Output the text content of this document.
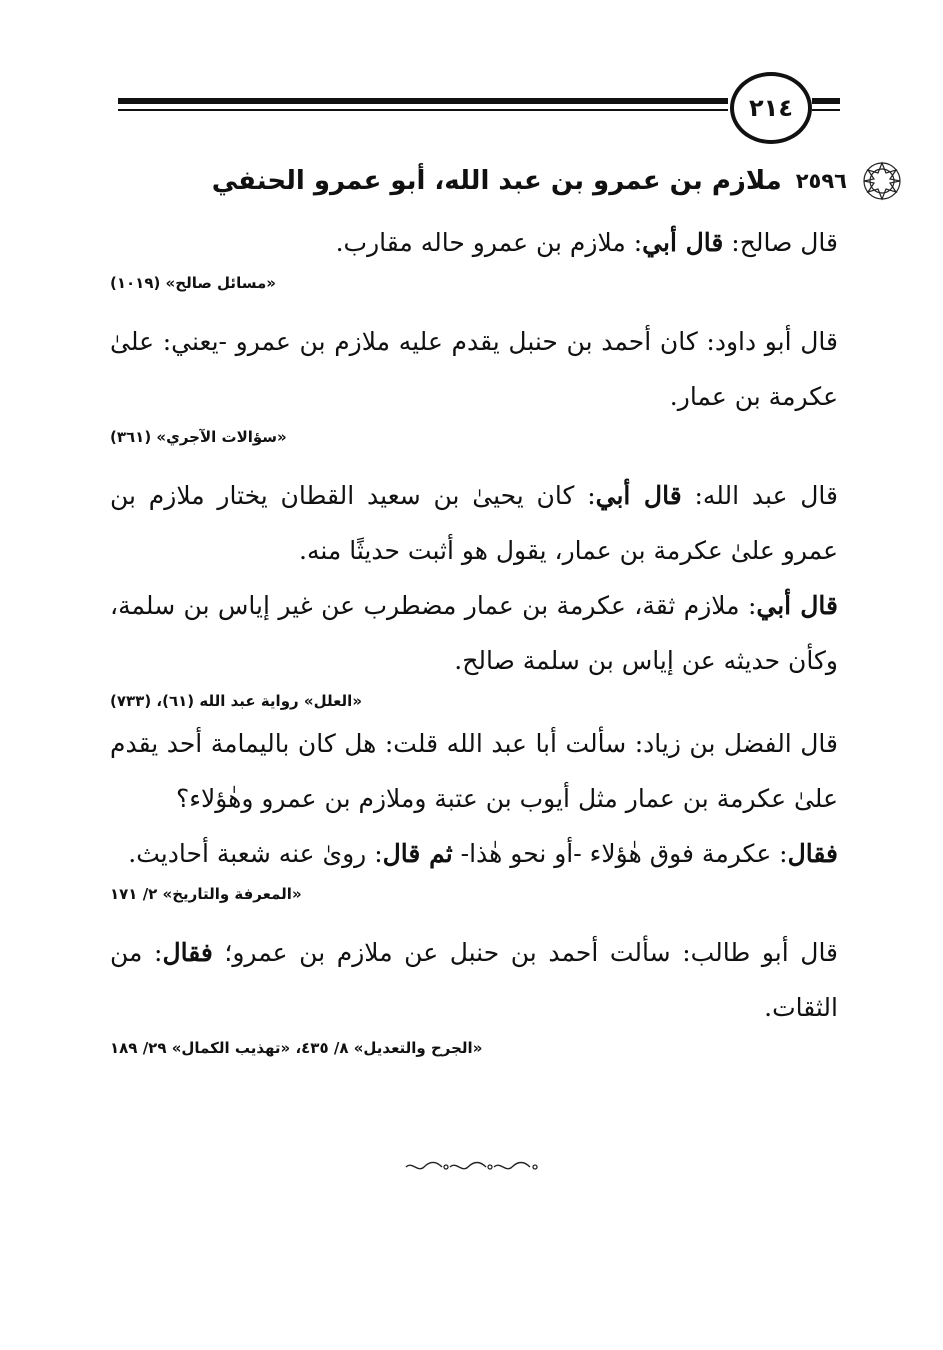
٢١٤
٢٥٩٦
ملازم بن عمرو بن عبد الله، أبو عمرو الحنفي

قال صالح: قال أبي: ملازم بن عمرو حاله مقارب.

«مسائل صالح» (١٠١٩)

قال أبو داود: كان أحمد بن حنبل يقدم عليه ملازم بن عمرو -يعني: علىٰ عكرمة بن عمار.

«سؤالات الآجري» (٣٦١)

قال عبد الله: قال أبي: كان يحيىٰ بن سعيد القطان يختار ملازم بن عمرو علىٰ عكرمة بن عمار، يقول هو أثبت حديثًا منه.

قال أبي: ملازم ثقة، عكرمة بن عمار مضطرب عن غير إياس بن سلمة، وكأن حديثه عن إياس بن سلمة صالح.

«العلل» رواية عبد الله (٦١)، (٧٣٣)

قال الفضل بن زياد: سألت أبا عبد الله قلت: هل كان باليمامة أحد يقدم علىٰ عكرمة بن عمار مثل أيوب بن عتبة وملازم بن عمرو وهٰؤلاء؟

فقال: عكرمة فوق هٰؤلاء -أو نحو هٰذا- ثم قال: روىٰ عنه شعبة أحاديث.

«المعرفة والتاريخ» ٢/ ١٧١

قال أبو طالب: سألت أحمد بن حنبل عن ملازم بن عمرو؛ فقال: من الثقات.

«الجرح والتعديل» ٨/ ٤٣٥، «تهذيب الكمال» ٢٩/ ١٨٩
